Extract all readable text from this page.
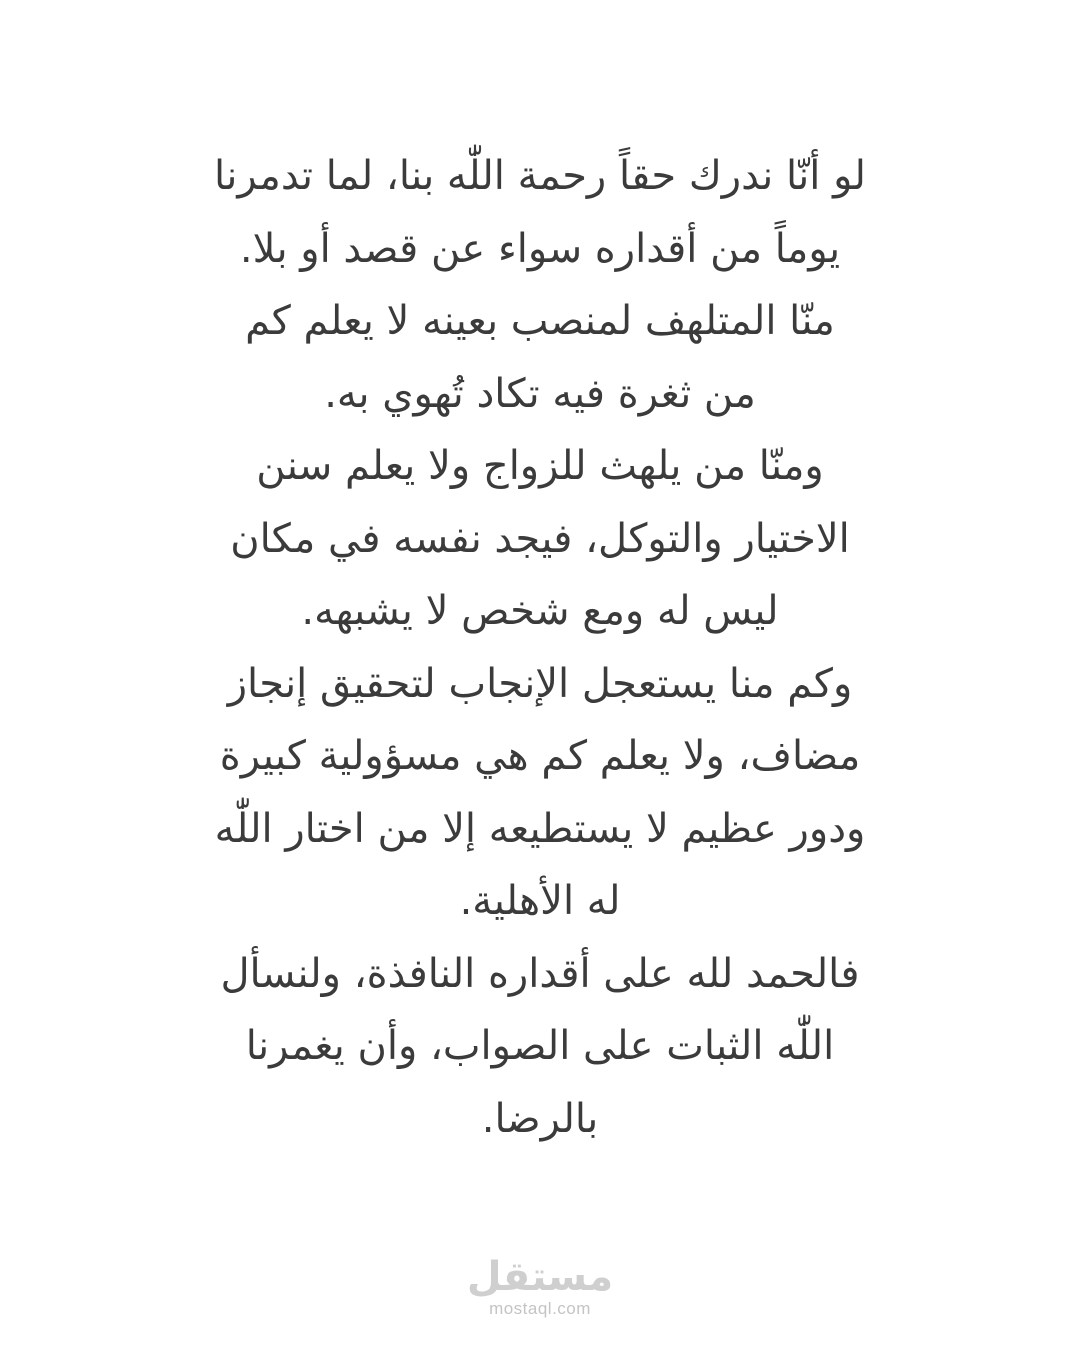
لو أنّا ندرك حقاً رحمة اللّٰه بنا، لما تدمرنا
يوماً من أقداره سواء عن قصد أو بلا.
منّا المتلهف لمنصب بعينه لا يعلم كم
من ثغرة فيه تكاد تُهوي به.
ومنّا من يلهث للزواج ولا يعلم سنن
الاختيار والتوكل، فيجد نفسه في مكان
ليس له ومع شخص لا يشبهه.
وكم منا يستعجل الإنجاب لتحقيق إنجاز
مضاف، ولا يعلم كم هي مسؤولية كبيرة
ودور عظيم لا يستطيعه إلا من اختار اللّٰه
له الأهلية.
فالحمد لله على أقداره النافذة، ولنسأل
اللّٰه الثبات على الصواب، وأن يغمرنا
بالرضا.
مستقل
mostaql.com
